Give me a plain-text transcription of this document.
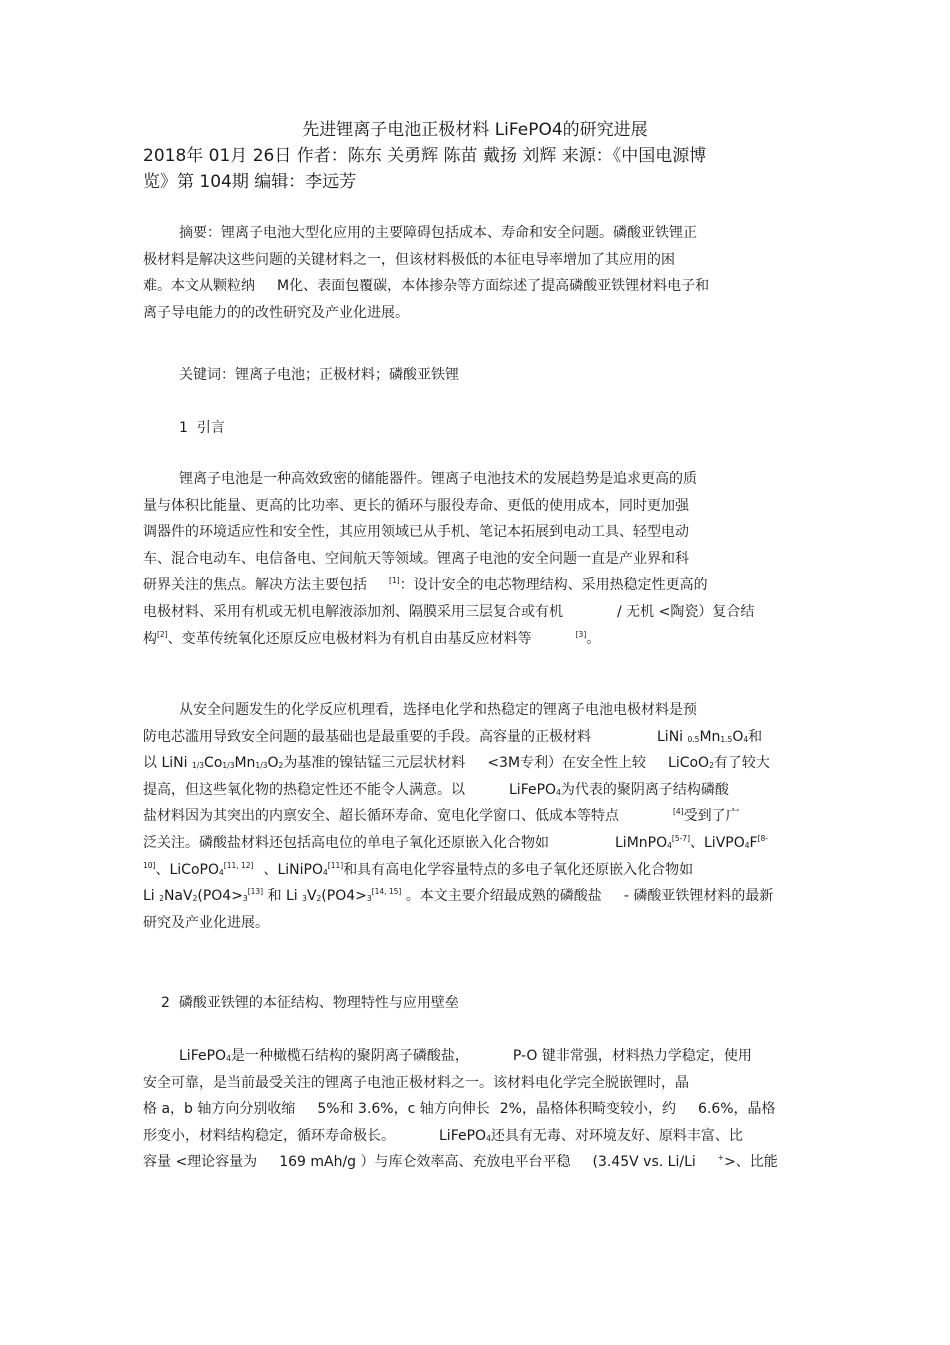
先进锂离子电池正极材料 LiFePO4的研究进展
2018年 01月 26日 作者：陈东 关勇辉 陈苗 戴扬 刘辉 来源：《中国电源博
览》第 104期 编辑：李远芳
摘要：锂离子电池大型化应用的主要障碍包括成本、寿命和安全问题。磷酸亚铁锂正
极材料是解决这些问题的关键材料之一，但该材料极低的本征电导率增加了其应用的困
难。本文从颗粒纳 M化、表面包覆碳，本体掺杂等方面综述了提高磷酸亚铁锂材料电子和
离子导电能力的的改性研究及产业化进展。
关键词：锂离子电池；正极材料；磷酸亚铁锂
1 引言
锂离子电池是一种高效致密的储能器件。锂离子电池技术的发展趋势是追求更高的质
量与体积比能量、更高的比功率、更长的循环与服役寿命、更低的使用成本，同时更加强
调器件的环境适应性和安全性，其应用领域已从手机、笔记本拓展到电动工具、轻型电动
车、混合电动车、电信备电、空间航天等领域。锂离子电池的安全问题一直是产业界和科
研界关注的焦点。解决方法主要包括	[1]：设计安全的电芯物理结构、采用热稳定性更高的
电极材料、采用有机或无机电解液添加剂、隔膜采用三层复合或有机	/ 无机 <陶瓷）复合结
构[2]、变革传统氧化还原反应电极材料为有机自由基反应材料等	[3]。
从安全问题发生的化学反应机理看，选择电化学和热稳定的锂离子电池电极材料是预
防电芯滥用导致安全问题的最基础也是最重要的手段。高容量的正极材料	LiNi $_{0.5}Mn_{1.5}O_4$和
以 LiNi $_{1/3}Co_{1/3}Mn_{1/3}O_2$为基准的镍钴锰三元层状材料 <3M专利）在安全性上较 LiCoO$_2$有了较大
提高，但这些氧化物的热稳定性还不能令人满意。以	LiFePO$_4$为代表的聚阴离子结构磷酸
盐材料因为其突出的内禀安全、超长循环寿命、宽电化学窗口、低成本等特点	[4]受到了广
泛关注。磷酸盐材料还包括高电位的单电子氧化还原嵌入化合物如	LiMnPO$_4$[5-7]、$LiVPO_4F^{[8-}$
$^{10]}$、LiCoPO$_4$[11, 12] 、LiNiPO$_4$[11]和具有高电化学容量特点的多电子氧化还原嵌入化合物如
Li $_2NaV_2(PO4>_3[13]$ 和 Li $_3V_2(PO4>_3[14, 15]$ 。本文主要介绍最成熟的磷酸盐 - 磷酸亚铁锂材料的最新
研究及产业化进展。
2 磷酸亚铁锂的本征结构、物理特性与应用壁垒
LiFePO$_4$是一种橄榄石结构的聚阴离子磷酸盐，	P-O 键非常强，材料热力学稳定，使用
安全可靠，是当前最受关注的锂离子电池正极材料之一。该材料电化学完全脱嵌锂时，晶
格 a，b 轴方向分别收缩 5%和 3.6%，c 轴方向伸长 2%，晶格体积畸变较小，约 6.6%，晶格
形变小，材料结构稳定，循环寿命极长。	LiFePO$_4$还具有无毒、对环境友好、原料丰富、比
容量 <理论容量为 169 mAh/g ）与库仑效率高、充放电平台平稳 (3.45V vs. Li/Li	+>、比能
